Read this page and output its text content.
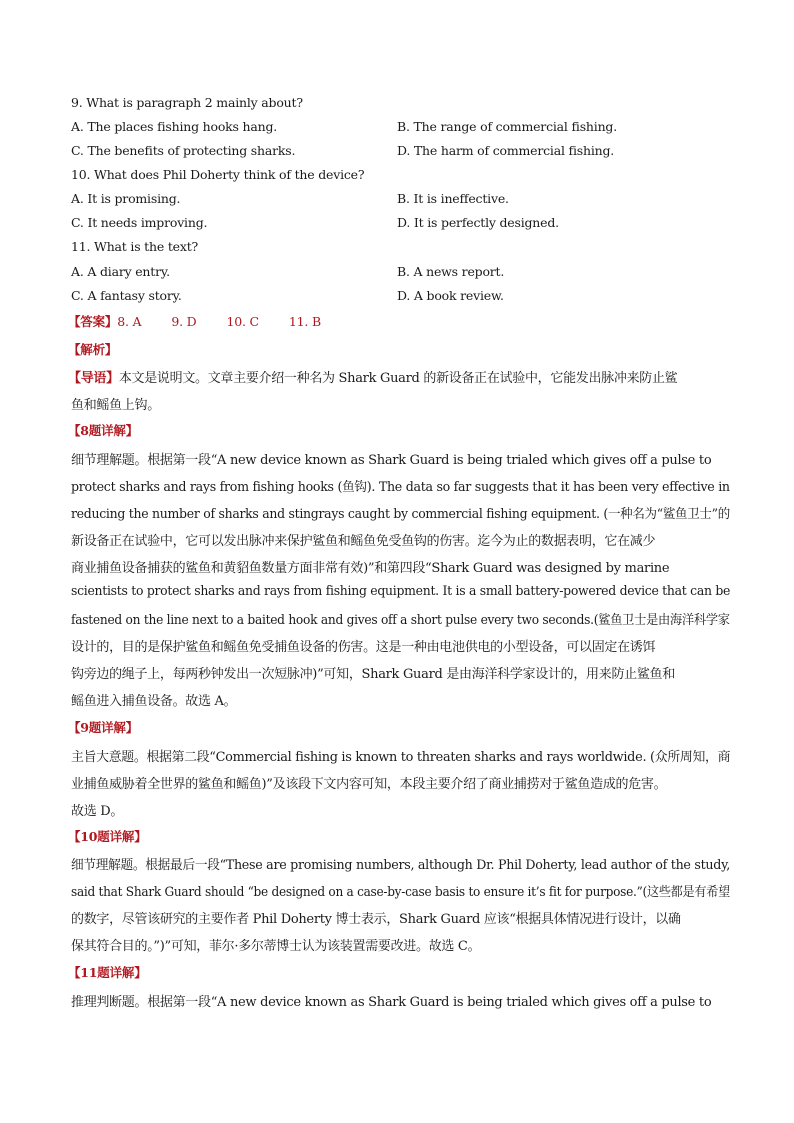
9. What is paragraph 2 mainly about?
A. The places fishing hooks hang.	B. The range of commercial fishing.
C. The benefits of protecting sharks.	D. The harm of commercial fishing.
10. What does Phil Doherty think of the device?
A. It is promising.	B. It is ineffective.
C. It needs improving.	D. It is perfectly designed.
11. What is the text?
A. A diary entry.	B. A news report.
C. A fantasy story.	D. A book review.
【答案】8. A 9. D 10. C 11. B
【解析】
【导语】本文是说明文。文章主要介绍一种名为 Shark Guard 的新设备正在试验中，它能发出脉冲来防止鲨
鱼和鳐鱼上钩。
【8题详解】
细节理解题。根据第一段“A new device known as Shark Guard is being trialed which gives off a pulse to
protect sharks and rays from fishing hooks (鱼钩). The data so far suggests that it has been very effective in
reducing the number of sharks and stingrays caught by commercial fishing equipment. (一种名为“鲨鱼卫士”的
新设备正在试验中，它可以发出脉冲来保护鲨鱼和鳐鱼免受鱼钩的伤害。迄今为止的数据表明，它在减少
商业捕鱼设备捕获的鲨鱼和黄貂鱼数量方面非常有效)”和第四段“Shark Guard was designed by marine
scientists to protect sharks and rays from fishing equipment. It is a small battery-powered device that can be
fastened on the line next to a baited hook and gives off a short pulse every two seconds.(鲨鱼卫士是由海洋科学家
设计的，目的是保护鲨鱼和鳐鱼免受捕鱼设备的伤害。这是一种由电池供电的小型设备，可以固定在诱饵
钩旁边的绳子上，每两秒钟发出一次短脉冲)”可知，Shark Guard 是由海洋科学家设计的，用来防止鲨鱼和
鳐鱼进入捕鱼设备。故选 A。
【9题详解】
主旨大意题。根据第二段“Commercial fishing is known to threaten sharks and rays worldwide. (众所周知，商
业捕鱼威胁着全世界的鲨鱼和鳐鱼)”及该段下文内容可知，本段主要介绍了商业捕捞对于鲨鱼造成的危害。
故选 D。
【10题详解】
细节理解题。根据最后一段“These are promising numbers, although Dr. Phil Doherty, lead author of the study,
said that Shark Guard should “be designed on a case-by-case basis to ensure it’s fit for purpose.”(这些都是有希望
的数字，尽管该研究的主要作者 Phil Doherty 博士表示，Shark Guard 应该“根据具体情况进行设计，以确
保其符合目的。”)”可知，菲尔·多尔蒂博士认为该装置需要改进。故选 C。
【11题详解】
推理判断题。根据第一段“A new device known as Shark Guard is being trialed which gives off a pulse to
